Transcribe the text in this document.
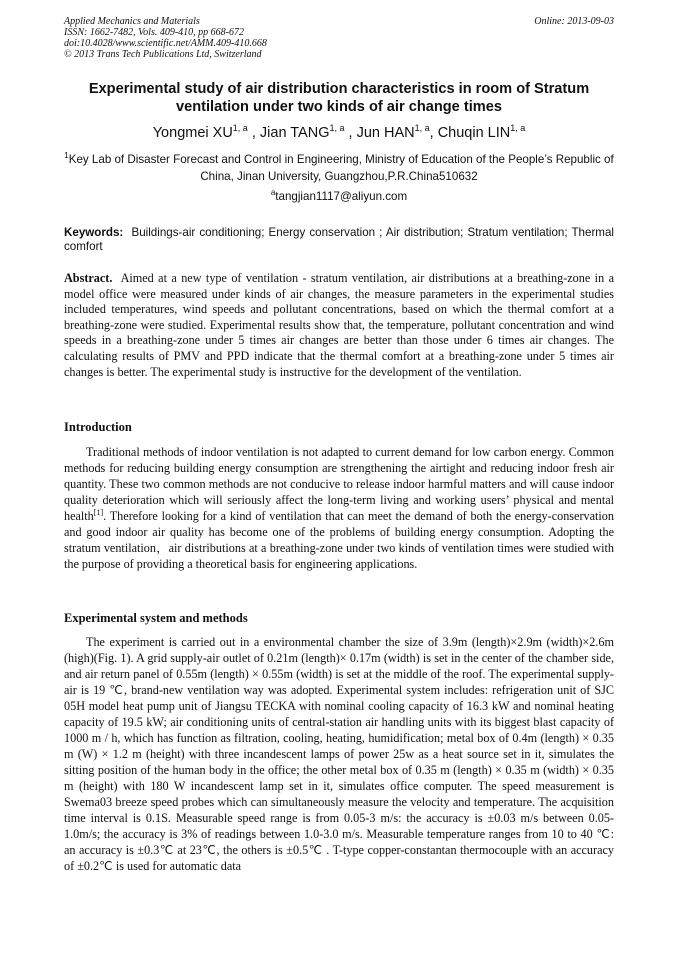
Applied Mechanics and Materials
ISSN: 1662-7482, Vols. 409-410, pp 668-672
doi:10.4028/www.scientific.net/AMM.409-410.668
© 2013 Trans Tech Publications Ltd, Switzerland
Online: 2013-09-03
Experimental study of air distribution characteristics in room of Stratum ventilation under two kinds of air change times
Yongmei XU$^{1, a}$ , Jian TANG$^{1, a}$ , Jun HAN$^{1, a}$, Chuqin LIN$^{1, a}$
$^1$Key Lab of Disaster Forecast and Control in Engineering, Ministry of Education of the People’s Republic of China, Jinan University, Guangzhou,P.R.China510632
$^a$tangjian1117@aliyun.com
Keywords: Buildings-air conditioning; Energy conservation ; Air distribution; Stratum ventilation; Thermal comfort
Abstract. Aimed at a new type of ventilation - stratum ventilation, air distributions at a breathing-zone in a model office were measured under kinds of air changes, the measure parameters in the experimental studies included temperatures, wind speeds and pollutant concentrations, based on which the thermal comfort at a breathing-zone were studied. Experimental results show that, the temperature, pollutant concentration and wind speeds in a breathing-zone under 5 times air changes are better than those under 6 times air changes. The calculating results of PMV and PPD indicate that the thermal comfort at a breathing-zone under 5 times air changes is better. The experimental study is instructive for the development of the ventilation.
Introduction
Traditional methods of indoor ventilation is not adapted to current demand for low carbon energy. Common methods for reducing building energy consumption are strengthening the airtight and reducing indoor fresh air quantity. These two common methods are not conducive to release indoor harmful matters and will cause indoor quality deterioration which will seriously affect the long-term living and working users’ physical and mental health[1]. Therefore looking for a kind of ventilation that can meet the demand of both the energy-conservation and good indoor air quality has become one of the problems of building energy consumption. Adopting the stratum ventilation，air distributions at a breathing-zone under two kinds of ventilation times were studied with the purpose of providing a theoretical basis for engineering applications.
Experimental system and methods
The experiment is carried out in a environmental chamber the size of 3.9m (length)×2.9m (width)×2.6m (high)(Fig. 1). A grid supply-air outlet of 0.21m (length)× 0.17m (width) is set in the center of the chamber side, and air return panel of 0.55m (length) × 0.55m (width) is set at the middle of the roof. The experimental supply-air is 19 ℃, brand-new ventilation way was adopted. Experimental system includes: refrigeration unit of SJC 05H model heat pump unit of Jiangsu TECKA with nominal cooling capacity of 16.3 kW and nominal heating capacity of 19.5 kW; air conditioning units of central-station air handling units with its biggest blast capacity of 1000 m / h, which has function as filtration, cooling, heating, humidification; metal box of 0.4m (length) × 0.35 m (W) × 1.2 m (height) with three incandescent lamps of power 25w as a heat source set in it, simulates the sitting position of the human body in the office; the other metal box of 0.35 m (length) × 0.35 m (width) × 0.35 m (height) with 180 W incandescent lamp set in it, simulates office computer. The speed measurement is Swema03 breeze speed probes which can simultaneously measure the velocity and temperature. The acquisition time interval is 0.1S. Measurable speed range is from 0.05-3 m/s: the accuracy is ±0.03 m/s between 0.05-1.0m/s; the accuracy is 3% of readings between 1.0-3.0 m/s. Measurable temperature ranges from 10 to 40 ℃: an accuracy is ±0.3℃ at 23℃, the others is ±0.5℃ . T-type copper-constantan thermocouple with an accuracy of ±0.2℃ is used for automatic data
